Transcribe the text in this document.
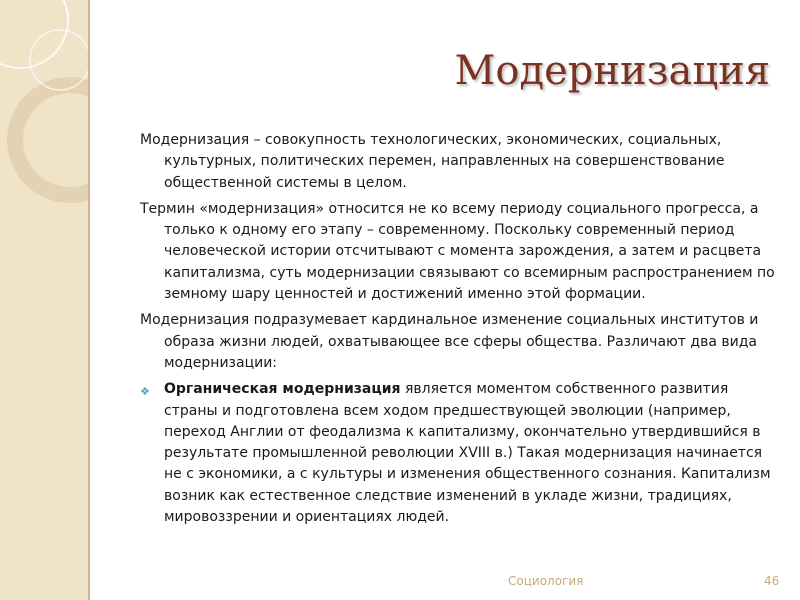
Модернизация

Модернизация – совокупность технологических, экономических, социальных, культурных, политических перемен, направленных на совершенствование общественной системы в целом.

Термин «модернизация» относится не ко всему периоду социального прогресса, а только к одному его этапу – современному. Поскольку современный период человеческой истории отсчитывают с момента зарождения, а затем и расцвета капитализма, суть модернизации связывают со всемирным распространением по земному шару ценностей и достижений именно этой формации.

Модернизация подразумевает кардинальное изменение социальных институтов и образа жизни людей, охватывающее все сферы общества. Различают два вида модернизации:

❖ Органическая модернизация является моментом собственного развития страны и подготовлена всем ходом предшествующей эволюции (например, переход Англии от феодализма к капитализму, окончательно утвердившийся в результате промышленной революции XVIII в.) Такая модернизация начинается не с экономики, а с культуры и изменения общественного сознания. Капитализм возник как естественное следствие изменений в укладе жизни, традициях, мировоззрении и ориентациях людей.
Социология	46
